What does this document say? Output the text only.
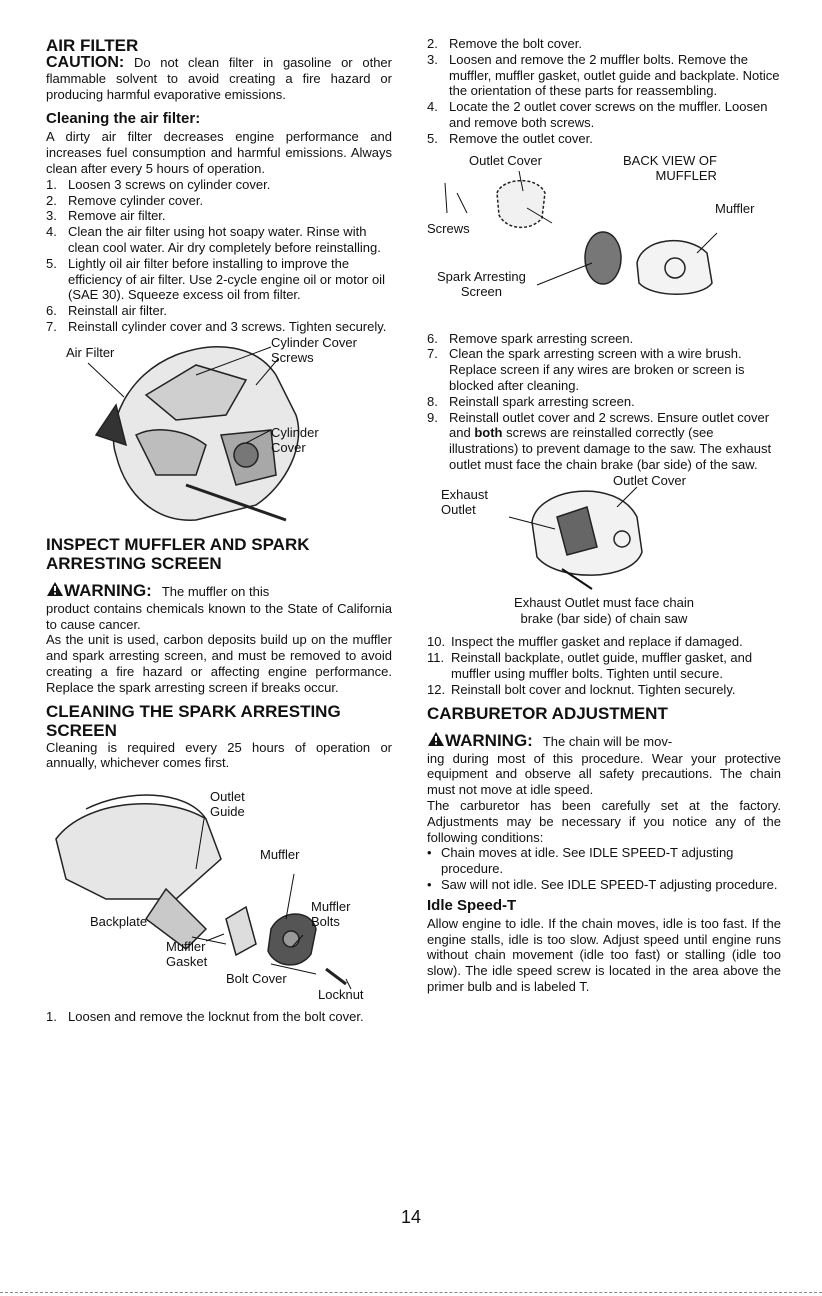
AIR FILTER

CAUTION: Do not clean filter in gasoline or other flammable solvent to avoid creating a fire hazard or producing harmful evaporative emissions.

Cleaning the air filter:

A dirty air filter decreases engine performance and increases fuel consumption and harmful emissions. Always clean after every 5 hours of operation.

1. Loosen 3 screws on cylinder cover.
2. Remove cylinder cover.
3. Remove air filter.
4. Clean the air filter using hot soapy water. Rinse with clean cool water. Air dry completely before reinstalling.
5. Lightly oil air filter before installing to improve the efficiency of air filter. Use 2-cycle engine oil or motor oil (SAE 30). Squeeze excess oil from filter.
6. Reinstall air filter.
7. Reinstall cylinder cover and 3 screws. Tighten securely.
Air Filter
Cylinder Cover
Screws
Cylinder
Cover
INSPECT MUFFLER AND SPARK ARRESTING SCREEN
WARNING: The muffler on this

product contains chemicals known to the State of California to cause cancer.

As the unit is used, carbon deposits build up on the muffler and spark arresting screen, and must be removed to avoid creating a fire hazard or affecting engine performance. Replace the spark arresting screen if breaks occur.

CLEANING THE SPARK ARRESTING SCREEN

Cleaning is required every 25 hours of operation or annually, whichever comes first.

Outlet
Guide
Muffler
Muffler
Bolts
Backplate
Muffler
Gasket
Bolt Cover
Locknut
1. Loosen and remove the locknut from the bolt cover.
2. Remove the bolt cover.
3. Loosen and remove the 2 muffler bolts. Remove the muffler, muffler gasket, outlet guide and backplate. Notice the orientation of these parts for reassembling.
4. Locate the 2 outlet cover screws on the muffler. Loosen and remove both screws.
5. Remove the outlet cover.
Outlet Cover	BACK VIEW OF
MUFFLER
Muffler
Screws
Spark Arresting
Screen
6. Remove spark arresting screen.
7. Clean the spark arresting screen with a wire brush. Replace screen if any wires are broken or screen is blocked after cleaning.
8. Reinstall spark arresting screen.
9. Reinstall outlet cover and 2 screws. Ensure outlet cover and both screws are reinstalled correctly (see illustrations) to prevent damage to the saw. The exhaust outlet must face the chain brake (bar side) of the saw.
Outlet Cover
Exhaust
Outlet
Exhaust Outlet must face chain
brake (bar side) of chain saw
10. Inspect the muffler gasket and replace if damaged.
11. Reinstall backplate, outlet guide, muffler gasket, and muffler using muffler bolts. Tighten until secure.
12. Reinstall bolt cover and locknut. Tighten securely.
CARBURETOR ADJUSTMENT
WARNING: The chain will be mov-

ing during most of this procedure. Wear your protective equipment and observe all safety precautions. The chain must not move at idle speed.

The carburetor has been carefully set at the factory. Adjustments may be necessary if you notice any of the following conditions:

• Chain moves at idle. See IDLE SPEED-T adjusting procedure.
• Saw will not idle. See IDLE SPEED-T adjusting procedure.
Idle Speed-T

Allow engine to idle. If the chain moves, idle is too fast. If the engine stalls, idle is too slow. Adjust speed until engine runs without chain movement (idle too fast) or stalling (idle too slow). The idle speed screw is located in the area above the primer bulb and is labeled T.

14
